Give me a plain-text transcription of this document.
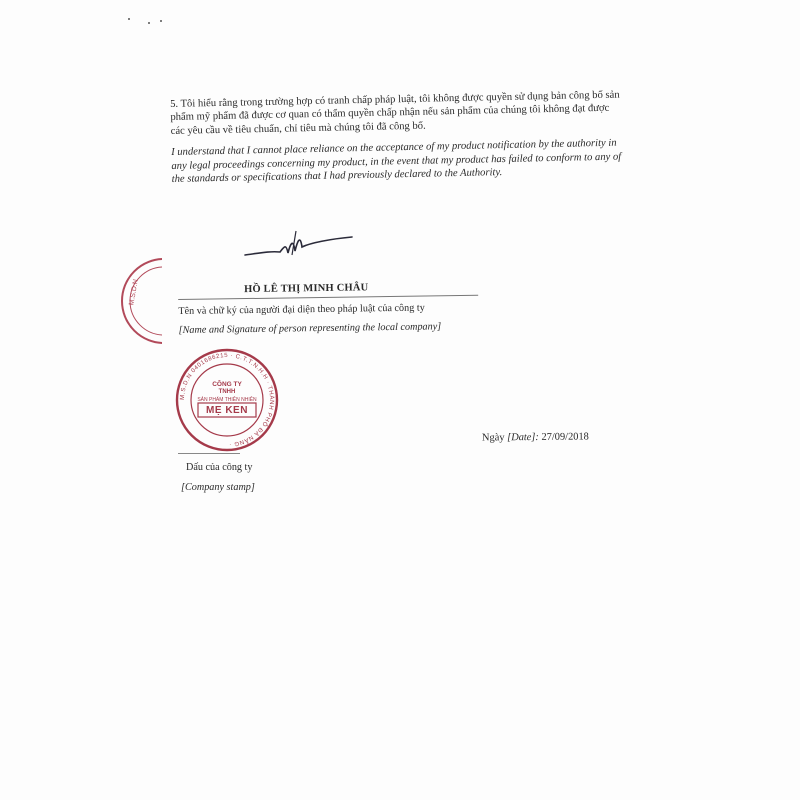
5. Tôi hiểu rằng trong trường hợp có tranh chấp pháp luật, tôi không được quyền sử dụng bản công bố sản phẩm mỹ phẩm đã được cơ quan có thẩm quyền chấp nhận nếu sản phẩm của chúng tôi không đạt được các yêu cầu về tiêu chuẩn, chỉ tiêu mà chúng tôi đã công bố.

I understand that I cannot place reliance on the acceptance of my product notification by the authority in any legal proceedings concerning my product, in the event that my product has failed to conform to any of the standards or specifications that I had previously declared to the Authority.

M.S.D.N	HỒ LÊ THỊ MINH CHÂU

Tên và chữ ký của người đại diện theo pháp luật của công ty

[Name and Signature of person representing the local company]

M.S.D.N 0401686215 · C.T.T.N.H.H · THÀNH PHỐ ĐÀ NẴNG ·
CÔNG TY
TNHH
SẢN PHẨM THIÊN NHIÊN
MẸ KEN

Dấu của công ty

[Company stamp]

Ngày [Date]: 27/09/2018
